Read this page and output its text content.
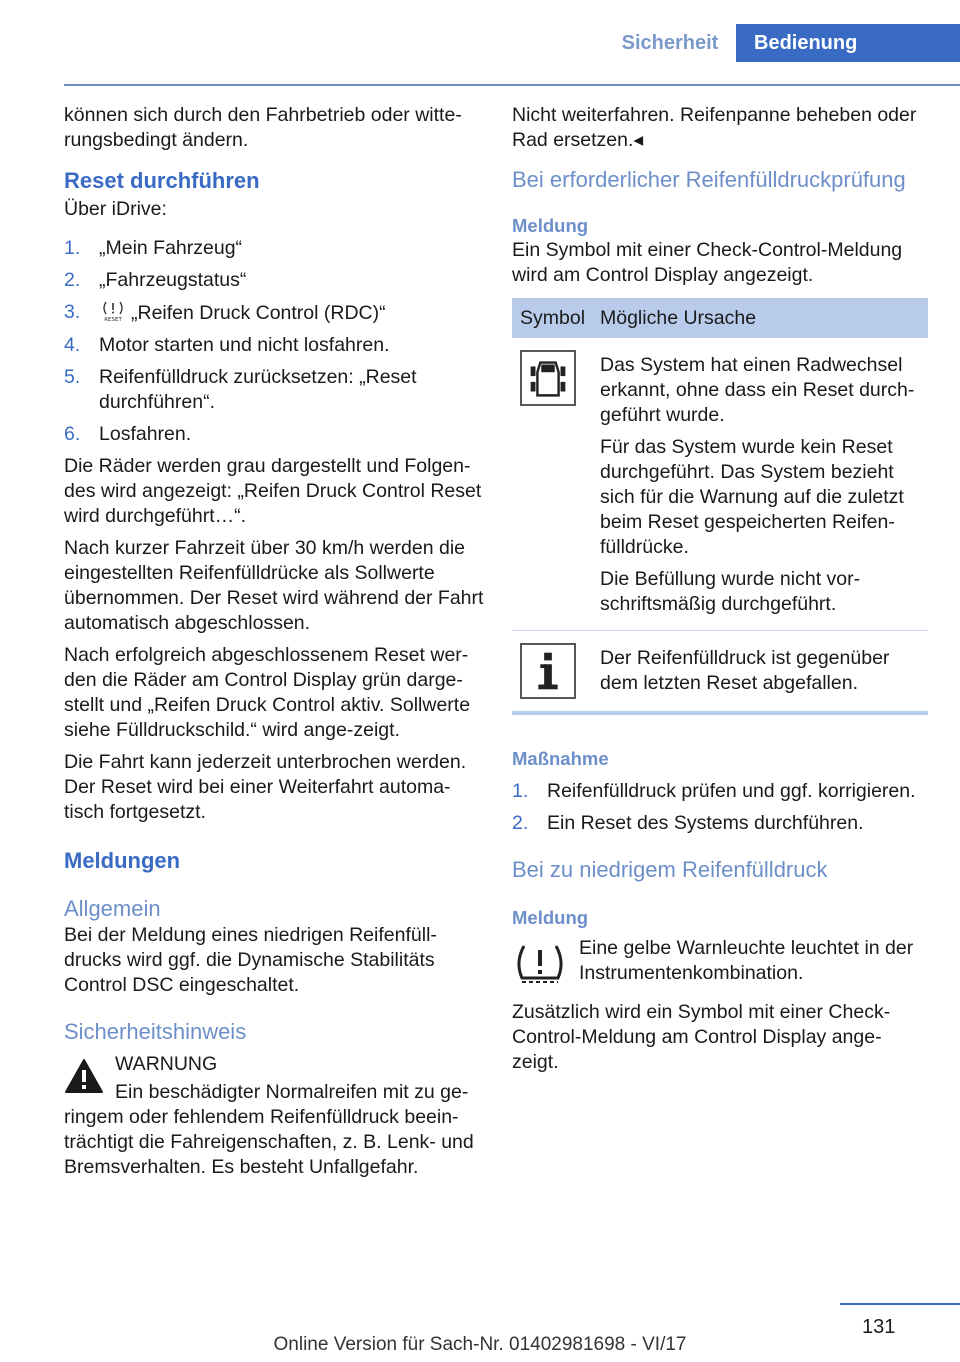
Sicherheit	Bedienung
können sich durch den Fahrbetrieb oder witte-rungsbedingt ändern.
Reset durchführen
Über iDrive:
1. „Mein Fahrzeug“
2. „Fahrzeugstatus“
3.	RESET „Reifen Druck Control (RDC)“
4. Motor starten und nicht losfahren.
5. Reifenfülldruck zurücksetzen: „Reset durchführen“.
6. Losfahren.
Die Räder werden grau dargestellt und Folgen-des wird angezeigt: „Reifen Druck Control Reset wird durchgeführt…“.
Nach kurzer Fahrzeit über 30 km/h werden die eingestellten Reifenfülldrücke als Sollwerte übernommen. Der Reset wird während der Fahrt automatisch abgeschlossen.
Nach erfolgreich abgeschlossenem Reset wer-den die Räder am Control Display grün darge-stellt und „Reifen Druck Control aktiv. Sollwerte siehe Fülldruckschild.“ wird ange-zeigt.
Die Fahrt kann jederzeit unterbrochen werden. Der Reset wird bei einer Weiterfahrt automa-tisch fortgesetzt.
Meldungen
Allgemein
Bei der Meldung eines niedrigen Reifenfüll-drucks wird ggf. die Dynamische Stabilitäts Control DSC eingeschaltet.
Sicherheitshinweis
WARNUNG
Ein beschädigter Normalreifen mit zu ge-ringem oder fehlendem Reifenfülldruck beein-trächtigt die Fahreigenschaften, z. B. Lenk- und Bremsverhalten. Es besteht Unfallgefahr.
Nicht weiterfahren. Reifenpanne beheben oder Rad ersetzen.◂
Bei erforderlicher Reifenfülldruckprüfung
Meldung
Ein Symbol mit einer Check-Control-Meldung wird am Control Display angezeigt.
Symbol	Mögliche Ursache

Das System hat einen Radwechsel erkannt, ohne dass ein Reset durch-geführt wurde.
Für das System wurde kein Reset durchgeführt. Das System bezieht sich für die Warnung auf die zuletzt beim Reset gespeicherten Reifen-fülldrücke.
Die Befüllung wurde nicht vor-schriftsmäßig durchgeführt.

Der Reifenfülldruck ist gegenüber dem letzten Reset abgefallen.
Maßnahme
1. Reifenfülldruck prüfen und ggf. korrigieren.
2. Ein Reset des Systems durchführen.
Bei zu niedrigem Reifenfülldruck
Meldung
Eine gelbe Warnleuchte leuchtet in der Instrumentenkombination.
Zusätzlich wird ein Symbol mit einer Check-Control-Meldung am Control Display ange-zeigt.
131
Online Version für Sach-Nr. 01402981698 - VI/17
